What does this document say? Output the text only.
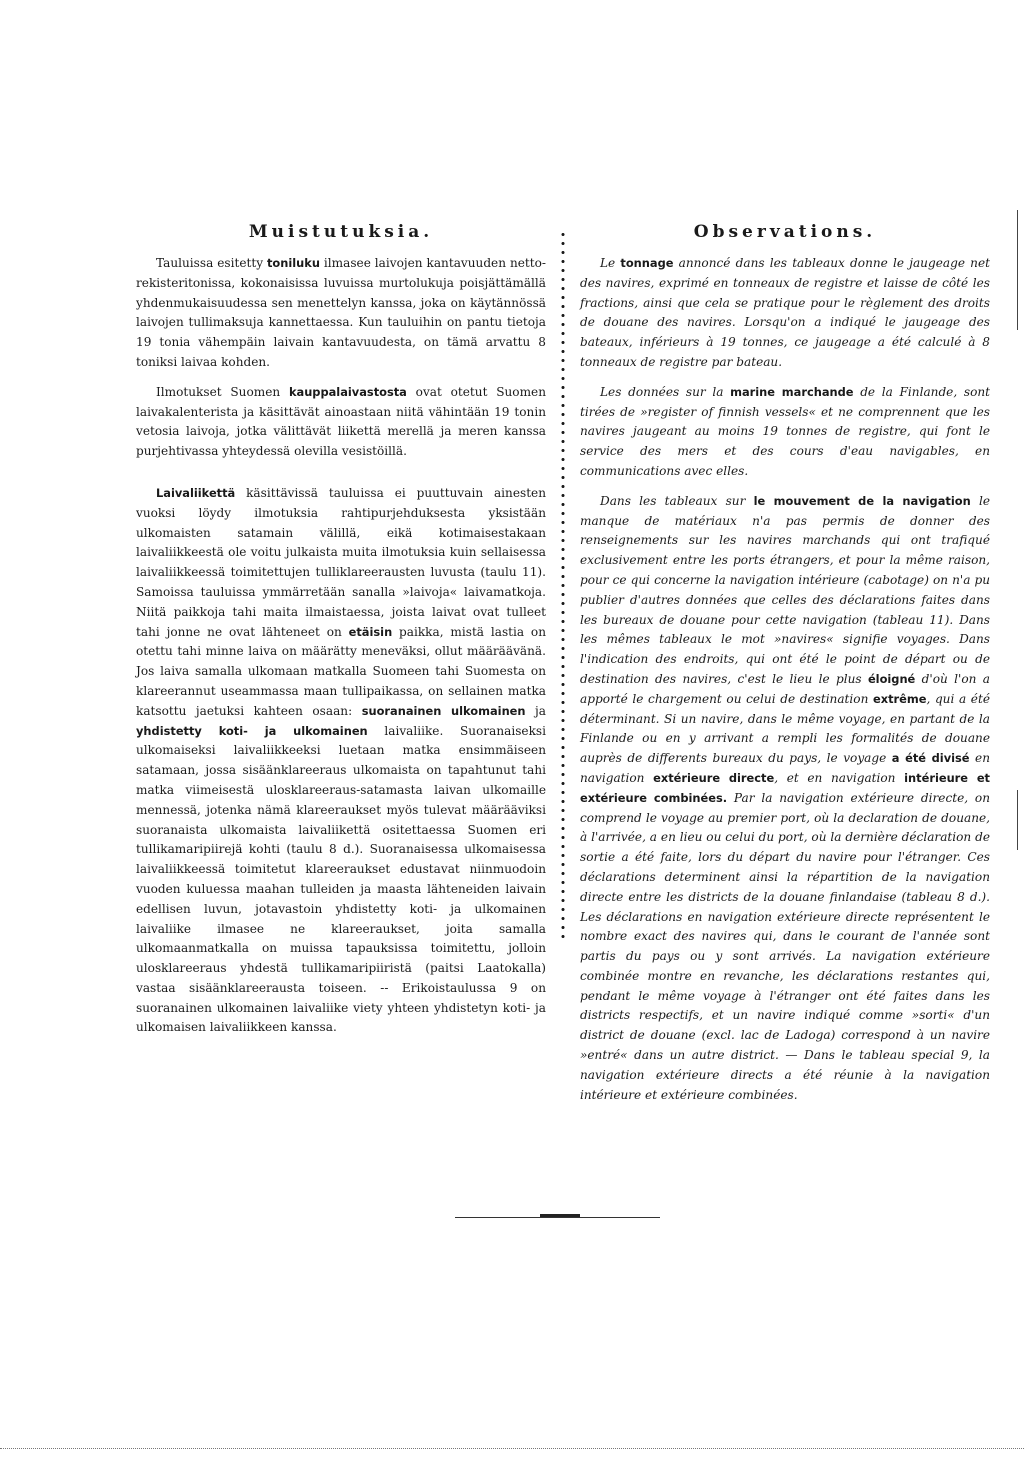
Muistutuksia.

Tauluissa esitetty toniluku ilmasee laivojen kantavuuden netto-rekisteritonissa, kokonaisissa luvuissa murtolukuja poisjättämällä yhdenmukaisuudessa sen menettelyn kanssa, joka on käytännössä laivojen tullimaksuja kannettaessa. Kun tauluihin on pantu tietoja 19 tonia vähempäin laivain kantavuudesta, on tämä arvattu 8 toniksi laivaa kohden.

Ilmotukset Suomen kauppalaivastosta ovat otetut Suomen laivakalenterista ja käsittävät ainoastaan niitä vähintään 19 tonin vetosia laivoja, jotka välittävät liikettä merellä ja meren kanssa purjehtivassa yhteydessä olevilla vesistöillä.

Laivaliikettä käsittävissä tauluissa ei puuttuvain ainesten vuoksi löydy ilmotuksia rahtipurjehduksesta yksistään ulkomaisten satamain välillä, eikä kotimaisestakaan laivaliikkeestä ole voitu julkaista muita ilmotuksia kuin sellaisessa laivaliikkeessä toimitettujen tulliklareerausten luvusta (taulu 11). Samoissa tauluissa ymmärretään sanalla »laivoja« laivamatkoja. Niitä paikkoja tahi maita ilmaistaessa, joista laivat ovat tulleet tahi jonne ne ovat lähteneet on etäisin paikka, mistä lastia on otettu tahi minne laiva on määrätty meneväksi, ollut määräävänä. Jos laiva samalla ulkomaan matkalla Suomeen tahi Suomesta on klareerannut useammassa maan tullipaikassa, on sellainen matka katsottu jaetuksi kahteen osaan: suoranainen ulkomainen ja yhdistetty koti- ja ulkomainen laivaliike. Suoranaiseksi ulkomaiseksi laivaliikkeeksi luetaan matka ensimmäiseen satamaan, jossa sisäänklareeraus ulkomaista on tapahtunut tahi matka viimeisestä ulosklareeraus-satamasta laivan ulkomaille mennessä, jotenka nämä klareeraukset myös tulevat määrääviksi suoranaista ulkomaista laivaliikettä ositettaessa Suomen eri tullikamaripiirejä kohti (taulu 8 d.). Suoranaisessa ulkomaisessa laivaliikkeessä toimitetut klareeraukset edustavat niinmuodoin vuoden kuluessa maahan tulleiden ja maasta lähteneiden laivain edellisen luvun, jotavastoin yhdistetty koti- ja ulkomainen laivaliike ilmasee ne klareeraukset, joita samalla ulkomaanmatkalla on muissa tapauksissa toimitettu, jolloin ulosklareeraus yhdestä tullikamaripiiristä (paitsi Laatokalla) vastaa sisäänklareerausta toiseen. -- Erikoistaulussa 9 on suoranainen ulkomainen laivaliike viety yhteen yhdistetyn koti- ja ulkomaisen laivaliikkeen kanssa.

Observations.

Le tonnage annoncé dans les tableaux donne le jaugeage net des navires, exprimé en tonneaux de registre et laisse de côté les fractions, ainsi que cela se pratique pour le règlement des droits de douane des navires. Lorsqu'on a indiqué le jaugeage des bateaux, inférieurs à 19 tonnes, ce jaugeage a été calculé à 8 tonneaux de registre par bateau.

Les données sur la marine marchande de la Finlande, sont tirées de »register of finnish vessels« et ne comprennent que les navires jaugeant au moins 19 tonnes de registre, qui font le service des mers et des cours d'eau navigables, en communications avec elles.

Dans les tableaux sur le mouvement de la navigation le manque de matériaux n'a pas permis de donner des renseignements sur les navires marchands qui ont trafiqué exclusivement entre les ports étrangers, et pour la même raison, pour ce qui concerne la navigation intérieure (cabotage) on n'a pu publier d'autres données que celles des déclarations faites dans les bureaux de douane pour cette navigation (tableau 11). Dans les mêmes tableaux le mot »navires« signifie voyages. Dans l'indication des endroits, qui ont été le point de départ ou de destination des navires, c'est le lieu le plus éloigné d'où l'on a apporté le chargement ou celui de destination extrême, qui a été déterminant. Si un navire, dans le même voyage, en partant de la Finlande ou en y arrivant a rempli les formalités de douane auprès de differents bureaux du pays, le voyage a été divisé en navigation extérieure directe, et en navigation intérieure et extérieure combinées. Par la navigation extérieure directe, on comprend le voyage au premier port, où la declaration de douane, à l'arrivée, a en lieu ou celui du port, où la dernière déclaration de sortie a été faite, lors du départ du navire pour l'étranger. Ces déclarations determinent ainsi la répartition de la navigation directe entre les districts de la douane finlandaise (tableau 8 d.). Les déclarations en navigation extérieure directe représentent le nombre exact des navires qui, dans le courant de l'année sont partis du pays ou y sont arrivés. La navigation extérieure combinée montre en revanche, les déclarations restantes qui, pendant le même voyage à l'étranger ont été faites dans les districts respectifs, et un navire indiqué comme »sorti« d'un district de douane (excl. lac de Ladoga) correspond à un navire »entré« dans un autre district. — Dans le tableau special 9, la navigation extérieure directs a été réunie à la navigation intérieure et extérieure combinées.
